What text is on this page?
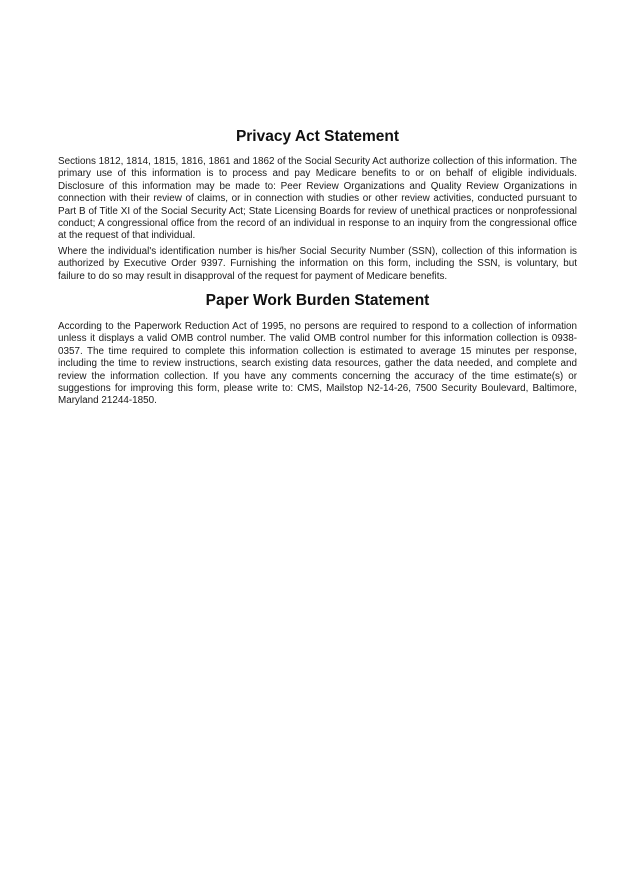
Privacy Act Statement

Sections 1812, 1814, 1815, 1816, 1861 and 1862 of the Social Security Act authorize collection of this information. The primary use of this information is to process and pay Medicare benefits to or on behalf of eligible individuals. Disclosure of this information may be made to: Peer Review Organizations and Quality Review Organizations in connection with their review of claims, or in connection with studies or other review activities, conducted pursuant to Part B of Title XI of the Social Security Act; State Licensing Boards for review of unethical practices or nonprofessional conduct; A congressional office from the record of an individual in response to an inquiry from the congressional office at the request of that individual.

Where the individual's identification number is his/her Social Security Number (SSN), collection of this information is authorized by Executive Order 9397. Furnishing the information on this form, including the SSN, is voluntary, but failure to do so may result in disapproval of the request for payment of Medicare benefits.

Paper Work Burden Statement

According to the Paperwork Reduction Act of 1995, no persons are required to respond to a collection of information unless it displays a valid OMB control number. The valid OMB control number for this information collection is 0938-0357. The time required to complete this information collection is estimated to average 15 minutes per response, including the time to review instructions, search existing data resources, gather the data needed, and complete and review the information collection. If you have any comments concerning the accuracy of the time estimate(s) or suggestions for improving this form, please write to: CMS, Mailstop N2-14-26, 7500 Security Boulevard, Baltimore, Maryland 21244-1850.
